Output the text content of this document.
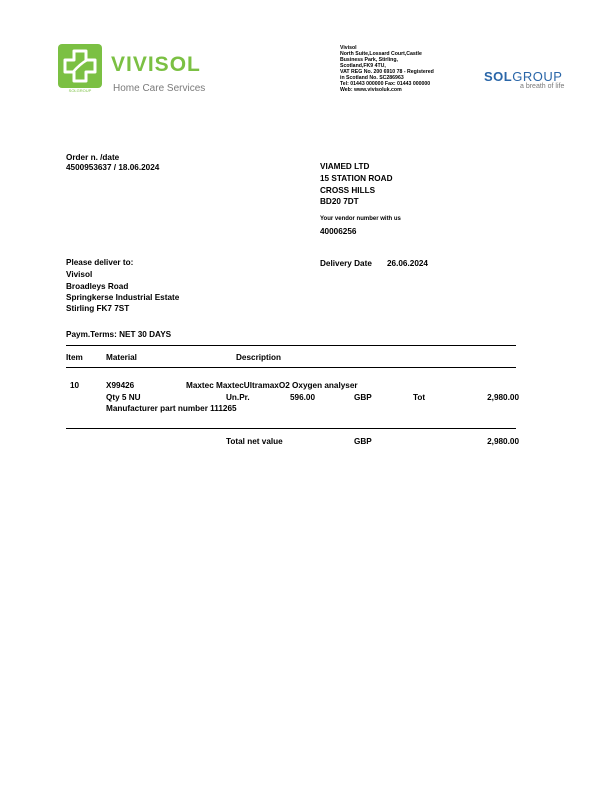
SOLGROUP
VIVISOL
Home Care Services
Vivisol
North Suite,Lossard Court,Castle
Business Park, Stirling,
Scotland,FK9 4TU,
VAT REG No. 200 6910 78 - Registered
in Scotland No. SC286963
Tel: 01443 000000 Fax: 01443 000000
Web: www.vivisoluk.com
SOLGROUP
a breath of life
Order n. /date
4500953637 / 18.06.2024	VIAMED LTD
15 STATION ROAD
CROSS HILLS
BD20 7DT
Your vendor number with us
40006256
Please deliver to:
Vivisol
Broadleys Road
Springkerse Industrial Estate
Stirling FK7 7ST
Delivery Date 26.06.2024
Paym.Terms: NET 30 DAYS
Item	Material	Description
10	X99426	Maxtec MaxtecUltramaxO2 Oxygen analyser
Qty 5 NU	Un.Pr.	596.00	GBP	Tot	2,980.00
Manufacturer part number 111265
Total net value	GBP	2,980.00
